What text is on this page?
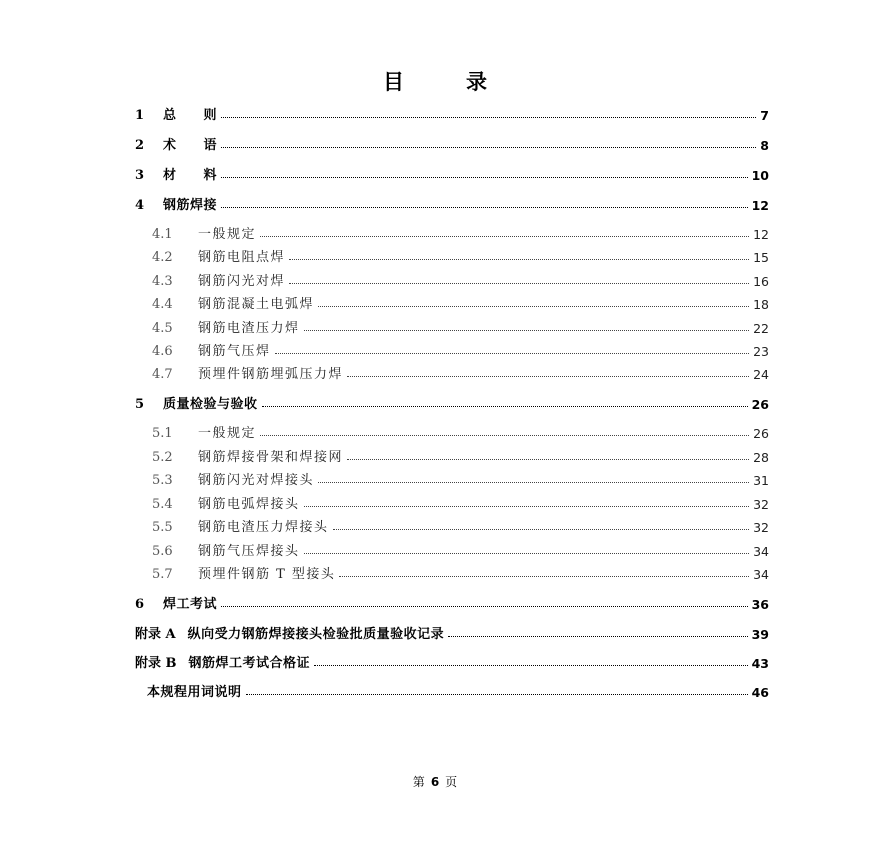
目	录
1	总　　则	7
2	术　　语	8
3	材　　料	10
4	钢筋焊接	12
4.1	一般规定	12
4.2	钢筋电阻点焊	15
4.3	钢筋闪光对焊	16
4.4	钢筋混凝土电弧焊	18
4.5	钢筋电渣压力焊	22
4.6	钢筋气压焊	23
4.7	预埋件钢筋埋弧压力焊	24
5	质量检验与验收	26
5.1	一般规定	26
5.2	钢筋焊接骨架和焊接网	28
5.3	钢筋闪光对焊接头	31
5.4	钢筋电弧焊接头	32
5.5	钢筋电渣压力焊接头	32
5.6	钢筋气压焊接头	34
5.7	预埋件钢筋 T 型接头	34
6	焊工考试	36
附录 A 纵向受力钢筋焊接接头检验批质量验收记录	39
附录 B 钢筋焊工考试合格证	43
本规程用词说明	46
第 6 页
